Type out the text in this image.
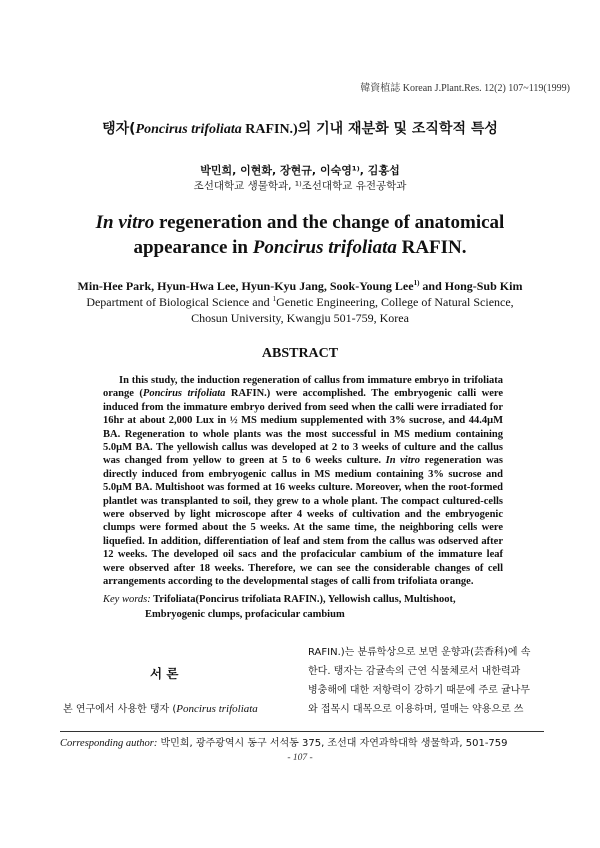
韓資植誌 Korean J.Plant.Res. 12(2) 107~119(1999)
탱자(Poncirus trifoliata RAFIN.)의 기내 재분화 및 조직학적 특성
박민희, 이현화, 장현규, 이숙영¹⁾, 김홍섭
조선대학교 생물학과, ¹⁾조선대학교 유전공학과
In vitro regeneration and the change of anatomical
appearance in Poncirus trifoliata RAFIN.
Min-Hee Park, Hyun-Hwa Lee, Hyun-Kyu Jang, Sook-Young Lee$^{1)}$ and Hong-Sub Kim
Department of Biological Science and $^1$Genetic Engineering, College of Natural Science,
Chosun University, Kwangju 501-759, Korea
ABSTRACT

In this study, the induction regeneration of callus from immature embryo in trifoliata orange (Poncirus trifoliata RAFIN.) were accomplished. The embryogenic calli were induced from the immature embryo derived from seed when the calli were irradiated for 16hr at about 2,000 Lux in ½ MS medium supplemented with 3% sucrose, and 44.4μM BA. Regeneration to whole plants was the most successful in MS medium containing 5.0μM BA. The yellowish callus was developed at 2 to 3 weeks of culture and the callus was changed from yellow to green at 5 to 6 weeks culture. In vitro regeneration was directly induced from embryogenic callus in MS medium containing 3% sucrose and 5.0μM BA. Multishoot was formed at 16 weeks culture. Moreover, when the root-formed plantlet was transplanted to soil, they grew to a whole plant. The compact cultured-cells were observed by light microscope after 4 weeks of cultivation and the embryogenic clumps were formed about the 5 weeks. At the same time, the neighboring cells were liquefied. In addition, differentiation of leaf and stem from the callus was odserved after 12 weeks. The developed oil sacs and the profacicular cambium of the immature leaf were observed after 18 weeks. Therefore, we can see the considerable changes of cell arrangements according to the developmental stages of calli from trifoliata orange.

Key words: Trifoliata(Poncirus trifoliata RAFIN.), Yellowish callus, Multishoot,
Embryogenic clumps, profacicular cambium
서 론
본 연구에서 사용한 탱자 (Poncirus trifoliata
RAFIN.)는 분류학상으로 보면 운향과(芸香科)에 속
한다. 탱자는 감귤속의 근연 식물체로서 내한력과
병충해에 대한 저항력이 강하기 때문에 주로 귤나무
와 접목시 대목으로 이용하며, 열매는 약용으로 쓰
Corresponding author: 박민희, 광주광역시 동구 서석동 375, 조선대 자연과학대학 생물학과, 501-759
- 107 -
